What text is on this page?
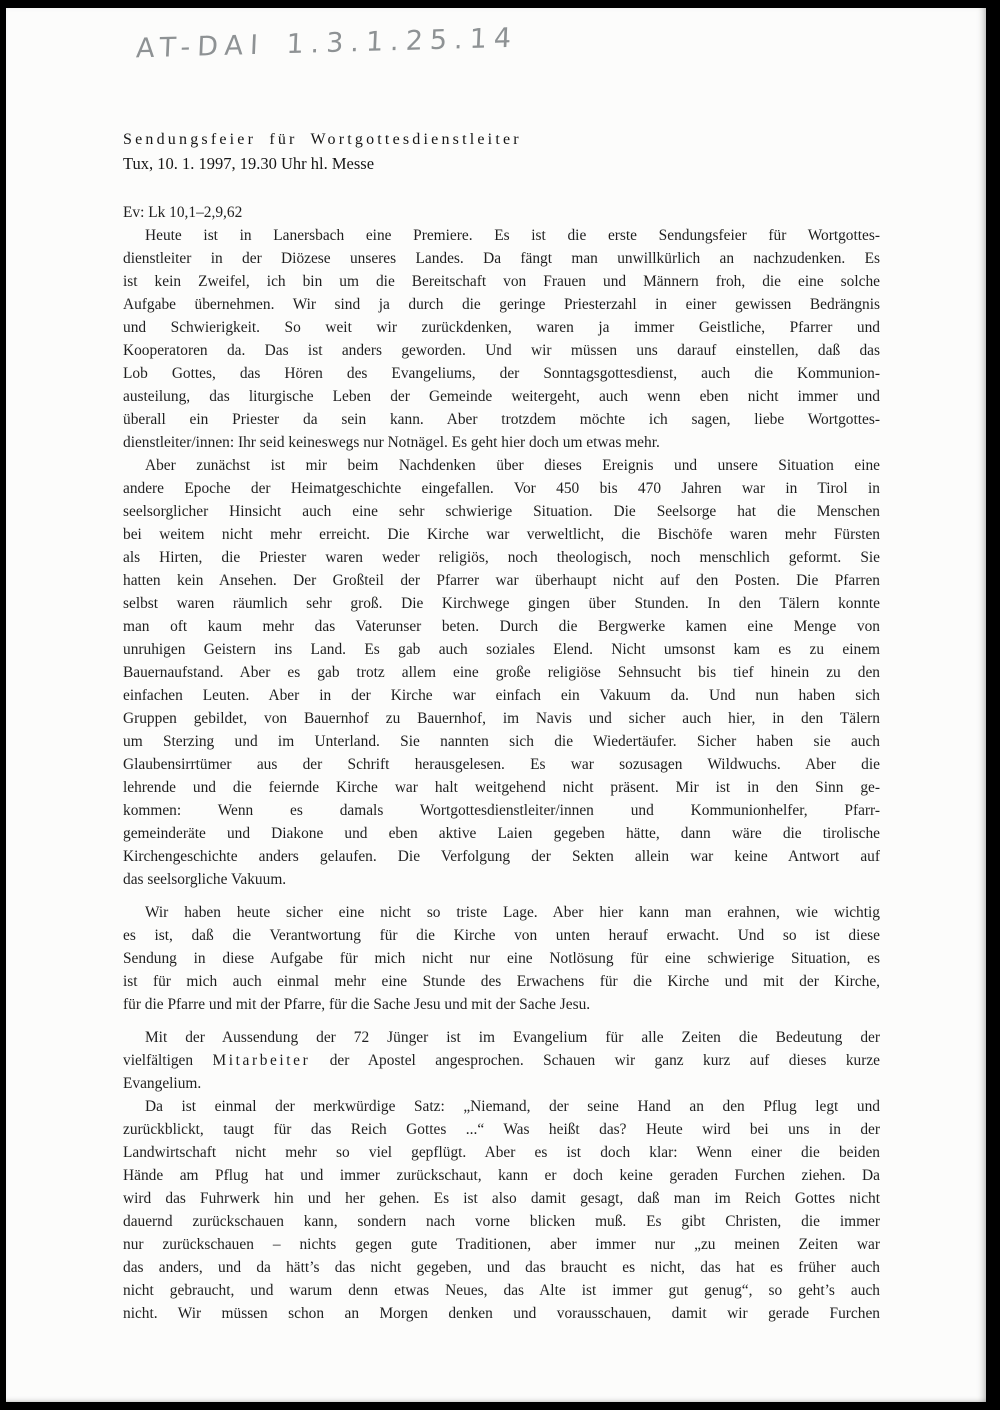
AT-DAI 1.3.1.25.14
Sendungsfeier für Wortgottesdienstleiter
Tux, 10. 1. 1997, 19.30 Uhr hl. Messe
Ev: Lk 10,1–2,9,62
Heute ist in Lanersbach eine Premiere. Es ist die erste Sendungsfeier für Wortgottes-
dienstleiter in der Diözese unseres Landes. Da fängt man unwillkürlich an nachzudenken. Es
ist kein Zweifel, ich bin um die Bereitschaft von Frauen und Männern froh, die eine solche
Aufgabe übernehmen. Wir sind ja durch die geringe Priesterzahl in einer gewissen Bedrängnis
und Schwierigkeit. So weit wir zurückdenken, waren ja immer Geistliche, Pfarrer und
Kooperatoren da. Das ist anders geworden. Und wir müssen uns darauf einstellen, daß das
Lob Gottes, das Hören des Evangeliums, der Sonntagsgottesdienst, auch die Kommunion-
austeilung, das liturgische Leben der Gemeinde weitergeht, auch wenn eben nicht immer und
überall ein Priester da sein kann. Aber trotzdem möchte ich sagen, liebe Wortgottes-
dienstleiter/innen: Ihr seid keineswegs nur Notnägel. Es geht hier doch um etwas mehr.
Aber zunächst ist mir beim Nachdenken über dieses Ereignis und unsere Situation eine
andere Epoche der Heimatgeschichte eingefallen. Vor 450 bis 470 Jahren war in Tirol in
seelsorglicher Hinsicht auch eine sehr schwierige Situation. Die Seelsorge hat die Menschen
bei weitem nicht mehr erreicht. Die Kirche war verweltlicht, die Bischöfe waren mehr Fürsten
als Hirten, die Priester waren weder religiös, noch theologisch, noch menschlich geformt. Sie
hatten kein Ansehen. Der Großteil der Pfarrer war überhaupt nicht auf den Posten. Die Pfarren
selbst waren räumlich sehr groß. Die Kirchwege gingen über Stunden. In den Tälern konnte
man oft kaum mehr das Vaterunser beten. Durch die Bergwerke kamen eine Menge von
unruhigen Geistern ins Land. Es gab auch soziales Elend. Nicht umsonst kam es zu einem
Bauernaufstand. Aber es gab trotz allem eine große religiöse Sehnsucht bis tief hinein zu den
einfachen Leuten. Aber in der Kirche war einfach ein Vakuum da. Und nun haben sich
Gruppen gebildet, von Bauernhof zu Bauernhof, im Navis und sicher auch hier, in den Tälern
um Sterzing und im Unterland. Sie nannten sich die Wiedertäufer. Sicher haben sie auch
Glaubensirrtümer aus der Schrift herausgelesen. Es war sozusagen Wildwuchs. Aber die
lehrende und die feiernde Kirche war halt weitgehend nicht präsent. Mir ist in den Sinn ge-
kommen: Wenn es damals Wortgottesdienstleiter/innen und Kommunionhelfer, Pfarr-
gemeinderäte und Diakone und eben aktive Laien gegeben hätte, dann wäre die tirolische
Kirchengeschichte anders gelaufen. Die Verfolgung der Sekten allein war keine Antwort auf
das seelsorgliche Vakuum.
Wir haben heute sicher eine nicht so triste Lage. Aber hier kann man erahnen, wie wichtig
es ist, daß die Verantwortung für die Kirche von unten herauf erwacht. Und so ist diese
Sendung in diese Aufgabe für mich nicht nur eine Notlösung für eine schwierige Situation, es
ist für mich auch einmal mehr eine Stunde des Erwachens für die Kirche und mit der Kirche,
für die Pfarre und mit der Pfarre, für die Sache Jesu und mit der Sache Jesu.
Mit der Aussendung der 72 Jünger ist im Evangelium für alle Zeiten die Bedeutung der
vielfältigen Mitarbeiter der Apostel angesprochen. Schauen wir ganz kurz auf dieses kurze
Evangelium.
Da ist einmal der merkwürdige Satz: „Niemand, der seine Hand an den Pflug legt und
zurückblickt, taugt für das Reich Gottes ...“ Was heißt das? Heute wird bei uns in der
Landwirtschaft nicht mehr so viel gepflügt. Aber es ist doch klar: Wenn einer die beiden
Hände am Pflug hat und immer zurückschaut, kann er doch keine geraden Furchen ziehen. Da
wird das Fuhrwerk hin und her gehen. Es ist also damit gesagt, daß man im Reich Gottes nicht
dauernd zurückschauen kann, sondern nach vorne blicken muß. Es gibt Christen, die immer
nur zurückschauen – nichts gegen gute Traditionen, aber immer nur „zu meinen Zeiten war
das anders, und da hätt’s das nicht gegeben, und das braucht es nicht, das hat es früher auch
nicht gebraucht, und warum denn etwas Neues, das Alte ist immer gut genug“, so geht’s auch
nicht. Wir müssen schon an Morgen denken und vorausschauen, damit wir gerade Furchen
